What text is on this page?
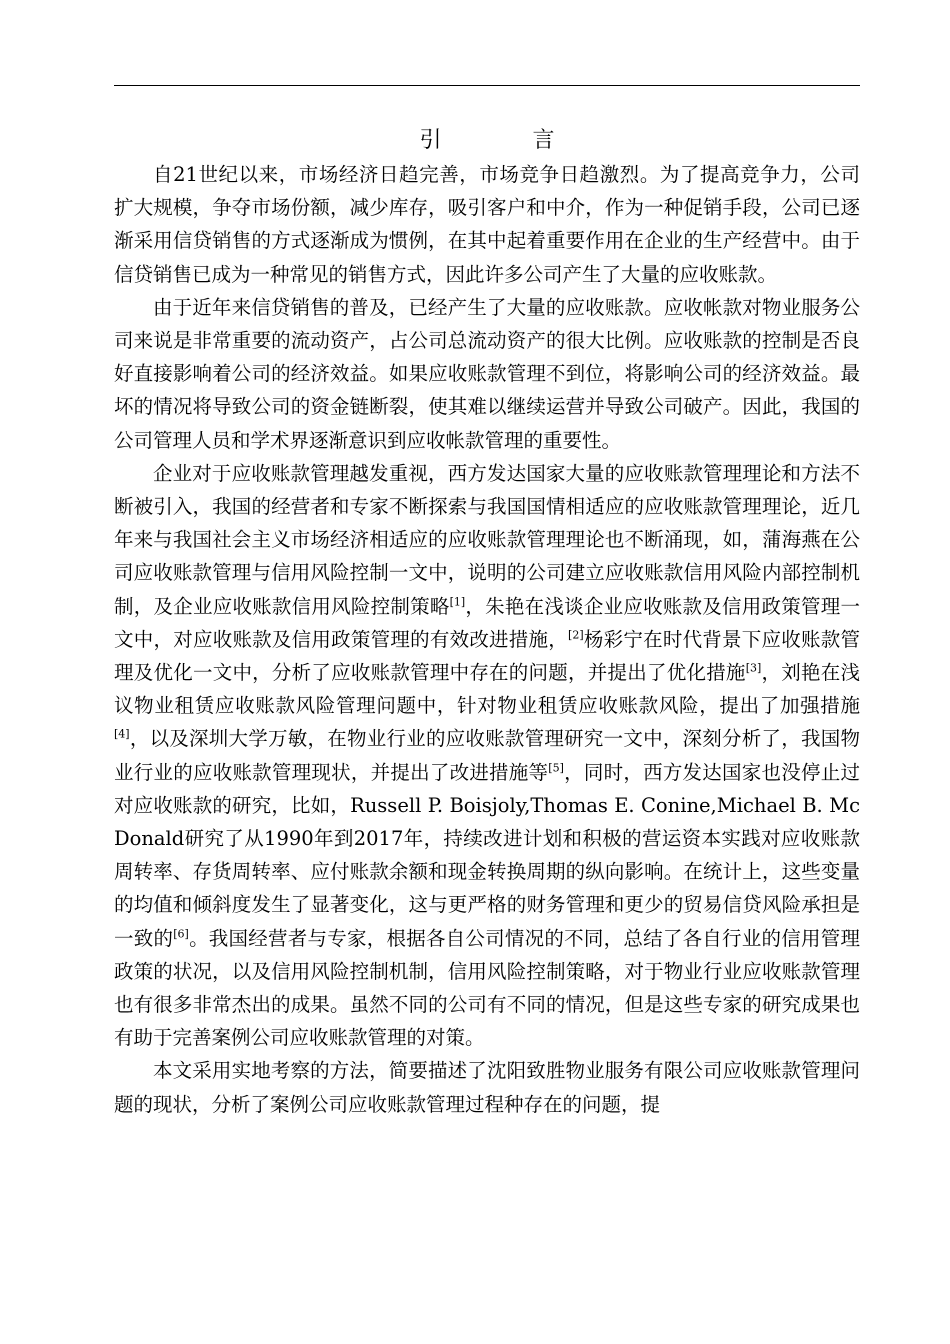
引 言

自21世纪以来，市场经济日趋完善，市场竞争日趋激烈。为了提高竞争力，公司扩大规模，争夺市场份额，减少库存，吸引客户和中介，作为一种促销手段，公司已逐渐采用信贷销售的方式逐渐成为惯例，在其中起着重要作用在企业的生产经营中。由于信贷销售已成为一种常见的销售方式，因此许多公司产生了大量的应收账款。

由于近年来信贷销售的普及，已经产生了大量的应收账款。应收帐款对物业服务公司来说是非常重要的流动资产，占公司总流动资产的很大比例。应收账款的控制是否良好直接影响着公司的经济效益。如果应收账款管理不到位，将影响公司的经济效益。最坏的情况将导致公司的资金链断裂，使其难以继续运营并导致公司破产。因此，我国的公司管理人员和学术界逐渐意识到应收帐款管理的重要性。

企业对于应收账款管理越发重视，西方发达国家大量的应收账款管理理论和方法不断被引入，我国的经营者和专家不断探索与我国国情相适应的应收账款管理理论，近几年来与我国社会主义市场经济相适应的应收账款管理理论也不断涌现，如，蒲海燕在公司应收账款管理与信用风险控制一文中，说明的公司建立应收账款信用风险内部控制机制，及企业应收账款信用风险控制策略[1]，朱艳在浅谈企业应收账款及信用政策管理一文中，对应收账款及信用政策管理的有效改进措施，[2]杨彩宁在时代背景下应收账款管理及优化一文中，分析了应收账款管理中存在的问题，并提出了优化措施[3]，刘艳在浅议物业租赁应收账款风险管理问题中，针对物业租赁应收账款风险，提出了加强措施[4]，以及深圳大学万敏，在物业行业的应收账款管理研究一文中，深刻分析了，我国物业行业的应收账款管理现状，并提出了改进措施等[5]，同时，西方发达国家也没停止过对应收账款的研究，比如，Russell P. Boisjoly,Thomas E. Conine,Michael B. McDonald研究了从1990年到2017年，持续改进计划和积极的营运资本实践对应收账款周转率、存货周转率、应付账款余额和现金转换周期的纵向影响。在统计上，这些变量的均值和倾斜度发生了显著变化，这与更严格的财务管理和更少的贸易信贷风险承担是一致的[6]。我国经营者与专家，根据各自公司情况的不同，总结了各自行业的信用管理政策的状况，以及信用风险控制机制，信用风险控制策略，对于物业行业应收账款管理也有很多非常杰出的成果。虽然不同的公司有不同的情况，但是这些专家的研究成果也有助于完善案例公司应收账款管理的对策。

本文采用实地考察的方法，简要描述了沈阳致胜物业服务有限公司应收账款管理问题的现状，分析了案例公司应收账款管理过程种存在的问题，提
